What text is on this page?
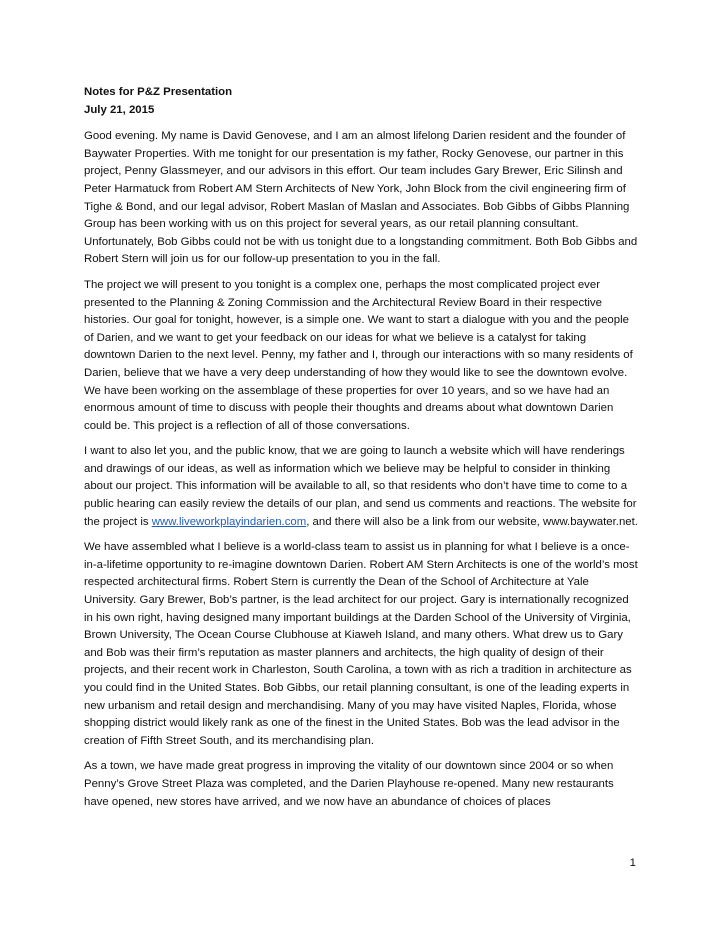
Notes for P&Z Presentation
July 21, 2015

Good evening. My name is David Genovese, and I am an almost lifelong Darien resident and the founder of Baywater Properties. With me tonight for our presentation is my father, Rocky Genovese, our partner in this project, Penny Glassmeyer, and our advisors in this effort. Our team includes Gary Brewer, Eric Silinsh and Peter Harmatuck from Robert AM Stern Architects of New York, John Block from the civil engineering firm of Tighe & Bond, and our legal advisor, Robert Maslan of Maslan and Associates. Bob Gibbs of Gibbs Planning Group has been working with us on this project for several years, as our retail planning consultant. Unfortunately, Bob Gibbs could not be with us tonight due to a longstanding commitment. Both Bob Gibbs and Robert Stern will join us for our follow-up presentation to you in the fall.

The project we will present to you tonight is a complex one, perhaps the most complicated project ever presented to the Planning & Zoning Commission and the Architectural Review Board in their respective histories. Our goal for tonight, however, is a simple one. We want to start a dialogue with you and the people of Darien, and we want to get your feedback on our ideas for what we believe is a catalyst for taking downtown Darien to the next level. Penny, my father and I, through our interactions with so many residents of Darien, believe that we have a very deep understanding of how they would like to see the downtown evolve. We have been working on the assemblage of these properties for over 10 years, and so we have had an enormous amount of time to discuss with people their thoughts and dreams about what downtown Darien could be. This project is a reflection of all of those conversations.

I want to also let you, and the public know, that we are going to launch a website which will have renderings and drawings of our ideas, as well as information which we believe may be helpful to consider in thinking about our project. This information will be available to all, so that residents who don’t have time to come to a public hearing can easily review the details of our plan, and send us comments and reactions. The website for the project is www.liveworkplayindarien.com, and there will also be a link from our website, www.baywater.net.

We have assembled what I believe is a world-class team to assist us in planning for what I believe is a once-in-a-lifetime opportunity to re-imagine downtown Darien. Robert AM Stern Architects is one of the world’s most respected architectural firms. Robert Stern is currently the Dean of the School of Architecture at Yale University. Gary Brewer, Bob’s partner, is the lead architect for our project. Gary is internationally recognized in his own right, having designed many important buildings at the Darden School of the University of Virginia, Brown University, The Ocean Course Clubhouse at Kiaweh Island, and many others. What drew us to Gary and Bob was their firm’s reputation as master planners and architects, the high quality of design of their projects, and their recent work in Charleston, South Carolina, a town with as rich a tradition in architecture as you could find in the United States. Bob Gibbs, our retail planning consultant, is one of the leading experts in new urbanism and retail design and merchandising. Many of you may have visited Naples, Florida, whose shopping district would likely rank as one of the finest in the United States. Bob was the lead advisor in the creation of Fifth Street South, and its merchandising plan.

As a town, we have made great progress in improving the vitality of our downtown since 2004 or so when Penny’s Grove Street Plaza was completed, and the Darien Playhouse re-opened. Many new restaurants have opened, new stores have arrived, and we now have an abundance of choices of places

1
